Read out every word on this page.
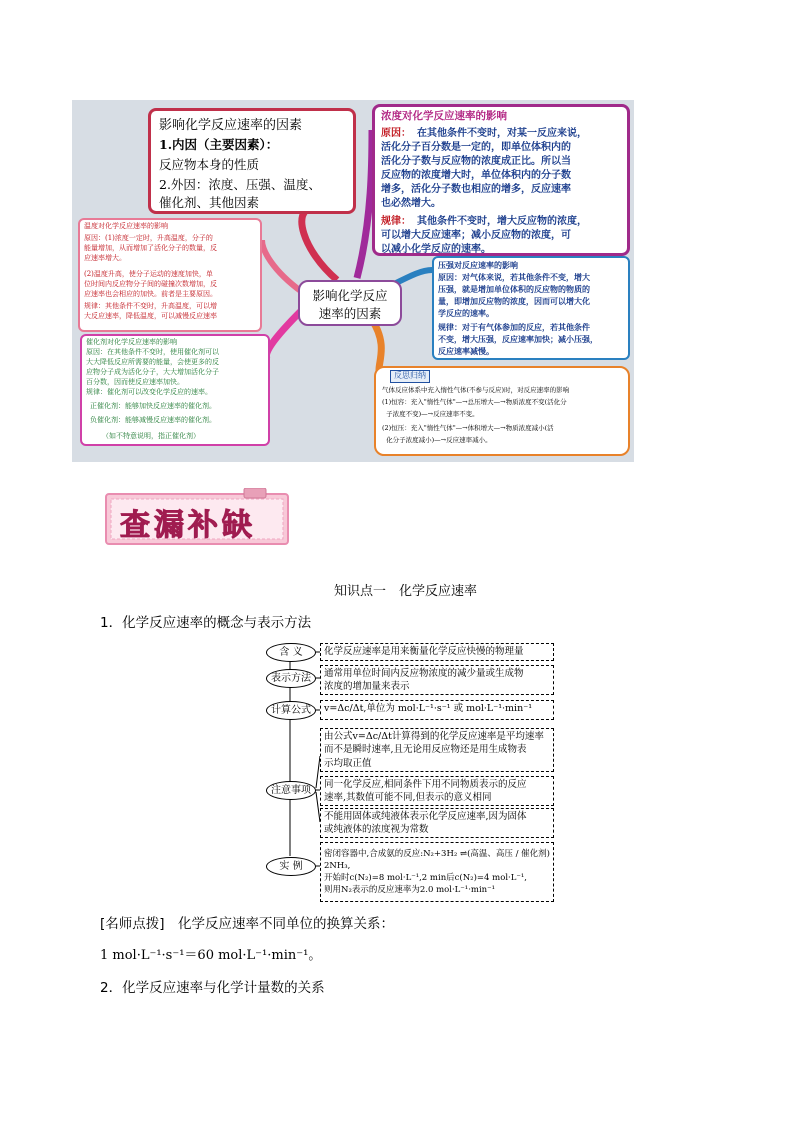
影响化学反应速率的因素
1.内因（主要因素）：
反应物本身的性质
2.外因：浓度、压强、温度、
催化剂、其他因素
浓度对化学反应速率的影响
原因： 在其他条件不变时，对某一反应来说，
活化分子百分数是一定的，即单位体积内的
活化分子数与反应物的浓度成正比。所以当
反应物的浓度增大时，单位体积内的分子数
增多，活化分子数也相应的增多，反应速率
也必然增大。
规律： 其他条件不变时，增大反应物的浓度，
可以增大反应速率；减小反应物的浓度，可
以减小化学反应的速率。
温度对化学反应速率的影响
原因：(1)浓度一定时，升高温度，分子的
能量增加，从而增加了活化分子的数量，反
应速率增大。
(2)温度升高，使分子运动的速度加快，单
位时间内反应物分子间的碰撞次数增加，反
应速率也会相应的加快。前者是主要原因。
规律：其他条件不变时，升高温度，可以增
大反应速率，降低温度，可以减慢反应速率
影响化学反应
速率的因素
压强对反应速率的影响
原因：对气体来说，若其他条件不变，增大
压强，就是增加单位体积的反应物的物质的
量，即增加反应物的浓度，因而可以增大化
学反应的速率。
规律：对于有气体参加的反应，若其他条件
不变，增大压强，反应速率加快；减小压强，
反应速率减慢。
催化剂对化学反应速率的影响
原因：在其他条件不变时，使用催化剂可以
大大降低反应所需要的能量，会使更多的反
应物分子成为活化分子，大大增加活化分子
百分数，因而使反应速率加快。
规律：催化剂可以改变化学反应的速率。
正催化剂：能够加快反应速率的催化剂。
负催化剂：能够减慢反应速率的催化剂。
（如不特意说明，指正催化剂）
反思归纳
气体反应体系中充入惰性气体(不参与反应)时，对反应速率的影响
(1)恒容：充入"惰性气体"—→总压增大—→物质浓度不变(活化分
子浓度不变)—→反应速率不变。
(2)恒压：充入"惰性气体"—→体积增大—→物质浓度减小(活
化分子浓度减小)—→反应速率减小。
查漏补缺
知识点一　化学反应速率
1．化学反应速率的概念与表示方法
含 义
表示方法
计算公式
注意事项
实 例
化学反应速率是用来衡量化学反应快慢的物理量
通常用单位时间内反应物浓度的减少量或生成物
浓度的增加量来表示
v=Δc/Δt,单位为 mol·L⁻¹·s⁻¹ 或 mol·L⁻¹·min⁻¹
由公式v=Δc/Δt计算得到的化学反应速率是平均速率
而不是瞬时速率,且无论用反应物还是用生成物表
示均取正值
同一化学反应,相同条件下用不同物质表示的反应
速率,其数值可能不同,但表示的意义相同
不能用固体或纯液体表示化学反应速率,因为固体
或纯液体的浓度视为常数
密闭容器中,合成氨的反应:N₂+3H₂ ⇌(高温、高压 / 催化剂) 2NH₃,
开始时c(N₂)=8 mol·L⁻¹,2 min后c(N₂)=4 mol·L⁻¹,
则用N₂表示的反应速率为2.0 mol·L⁻¹·min⁻¹
[名师点拨]　化学反应速率不同单位的换算关系：
1 mol·L⁻¹·s⁻¹＝60 mol·L⁻¹·min⁻¹。
2．化学反应速率与化学计量数的关系
